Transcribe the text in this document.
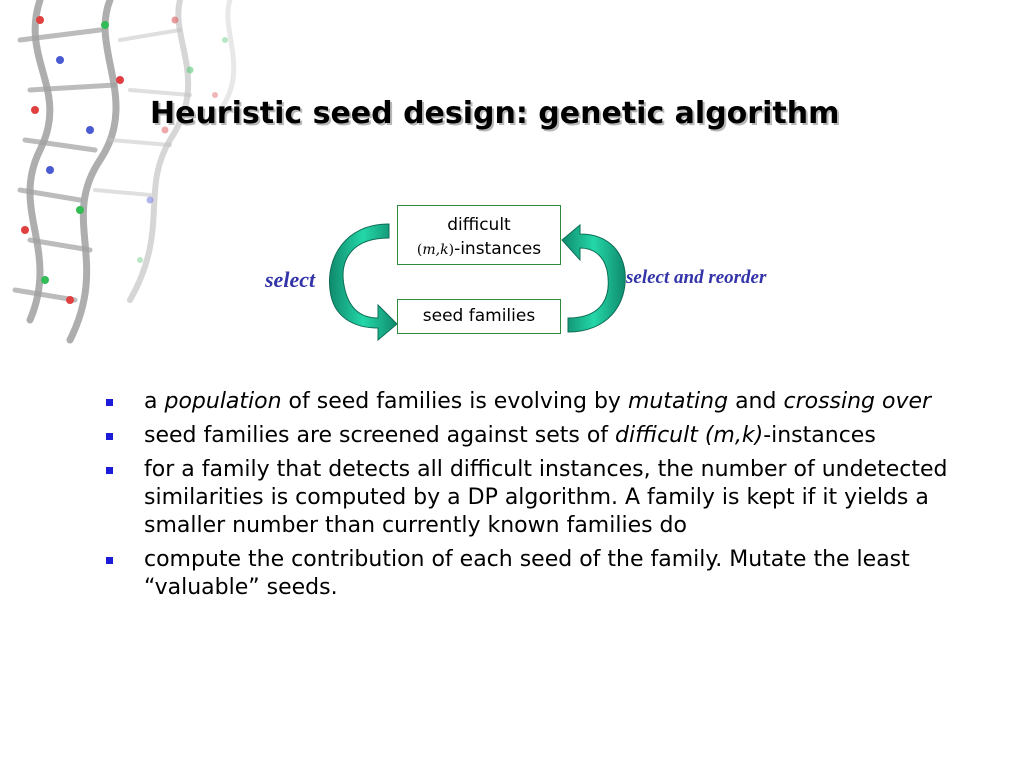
Heuristic seed design: genetic algorithm
difficult
(m,k)-instances
seed families
select	select and reorder
a population of seed families is evolving by mutating and crossing over
seed families are screened against sets of difficult (m,k)-instances
for a family that detects all difficult instances, the number of undetected similarities is computed by a DP algorithm. A family is kept if it yields a smaller number than currently known families do
compute the contribution of each seed of the family. Mutate the least “valuable” seeds.
